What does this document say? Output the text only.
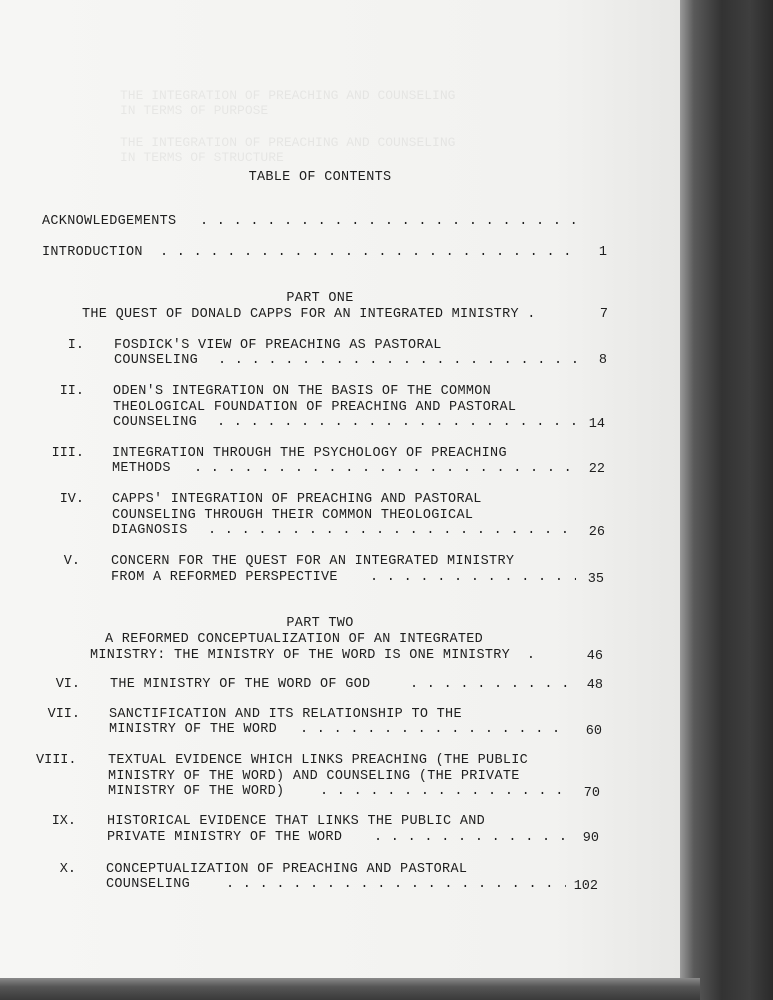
THE INTEGRATION OF PREACHING AND COUNSELING
IN TERMS OF PURPOSE
THE INTEGRATION OF PREACHING AND COUNSELING
IN TERMS OF STRUCTURE
TABLE OF CONTENTS
ACKNOWLEDGEMENTS
. . .
INTRODUCTION . . .	1
PART ONE
THE QUEST OF DONALD CAPPS FOR AN INTEGRATED MINISTRY .	7
I. FOSDICK'S VIEW OF PREACHING AS PASTORAL
COUNSELING . . .	8
II. ODEN'S INTEGRATION ON THE BASIS OF THE COMMON
THEOLOGICAL FOUNDATION OF PREACHING AND PASTORAL
COUNSELING . . .	14
III. INTEGRATION THROUGH THE PSYCHOLOGY OF PREACHING
METHODS . . .	22
IV. CAPPS' INTEGRATION OF PREACHING AND PASTORAL
COUNSELING THROUGH THEIR COMMON THEOLOGICAL
DIAGNOSIS . . .	26
V. CONCERN FOR THE QUEST FOR AN INTEGRATED MINISTRY
FROM A REFORMED PERSPECTIVE . . .	35
PART TWO
A REFORMED CONCEPTUALIZATION OF AN INTEGRATED
MINISTRY: THE MINISTRY OF THE WORD IS ONE MINISTRY  .	46
VI. THE MINISTRY OF THE WORD OF GOD . . .	48
VII. SANCTIFICATION AND ITS RELATIONSHIP TO THE
MINISTRY OF THE WORD . . .	60
VIII. TEXTUAL EVIDENCE WHICH LINKS PREACHING (THE PUBLIC
MINISTRY OF THE WORD) AND COUNSELING (THE PRIVATE
MINISTRY OF THE WORD) . . .	70
IX. HISTORICAL EVIDENCE THAT LINKS THE PUBLIC AND
PRIVATE MINISTRY OF THE WORD . . .	90
X. CONCEPTUALIZATION OF PREACHING AND PASTORAL
COUNSELING . . .	102
